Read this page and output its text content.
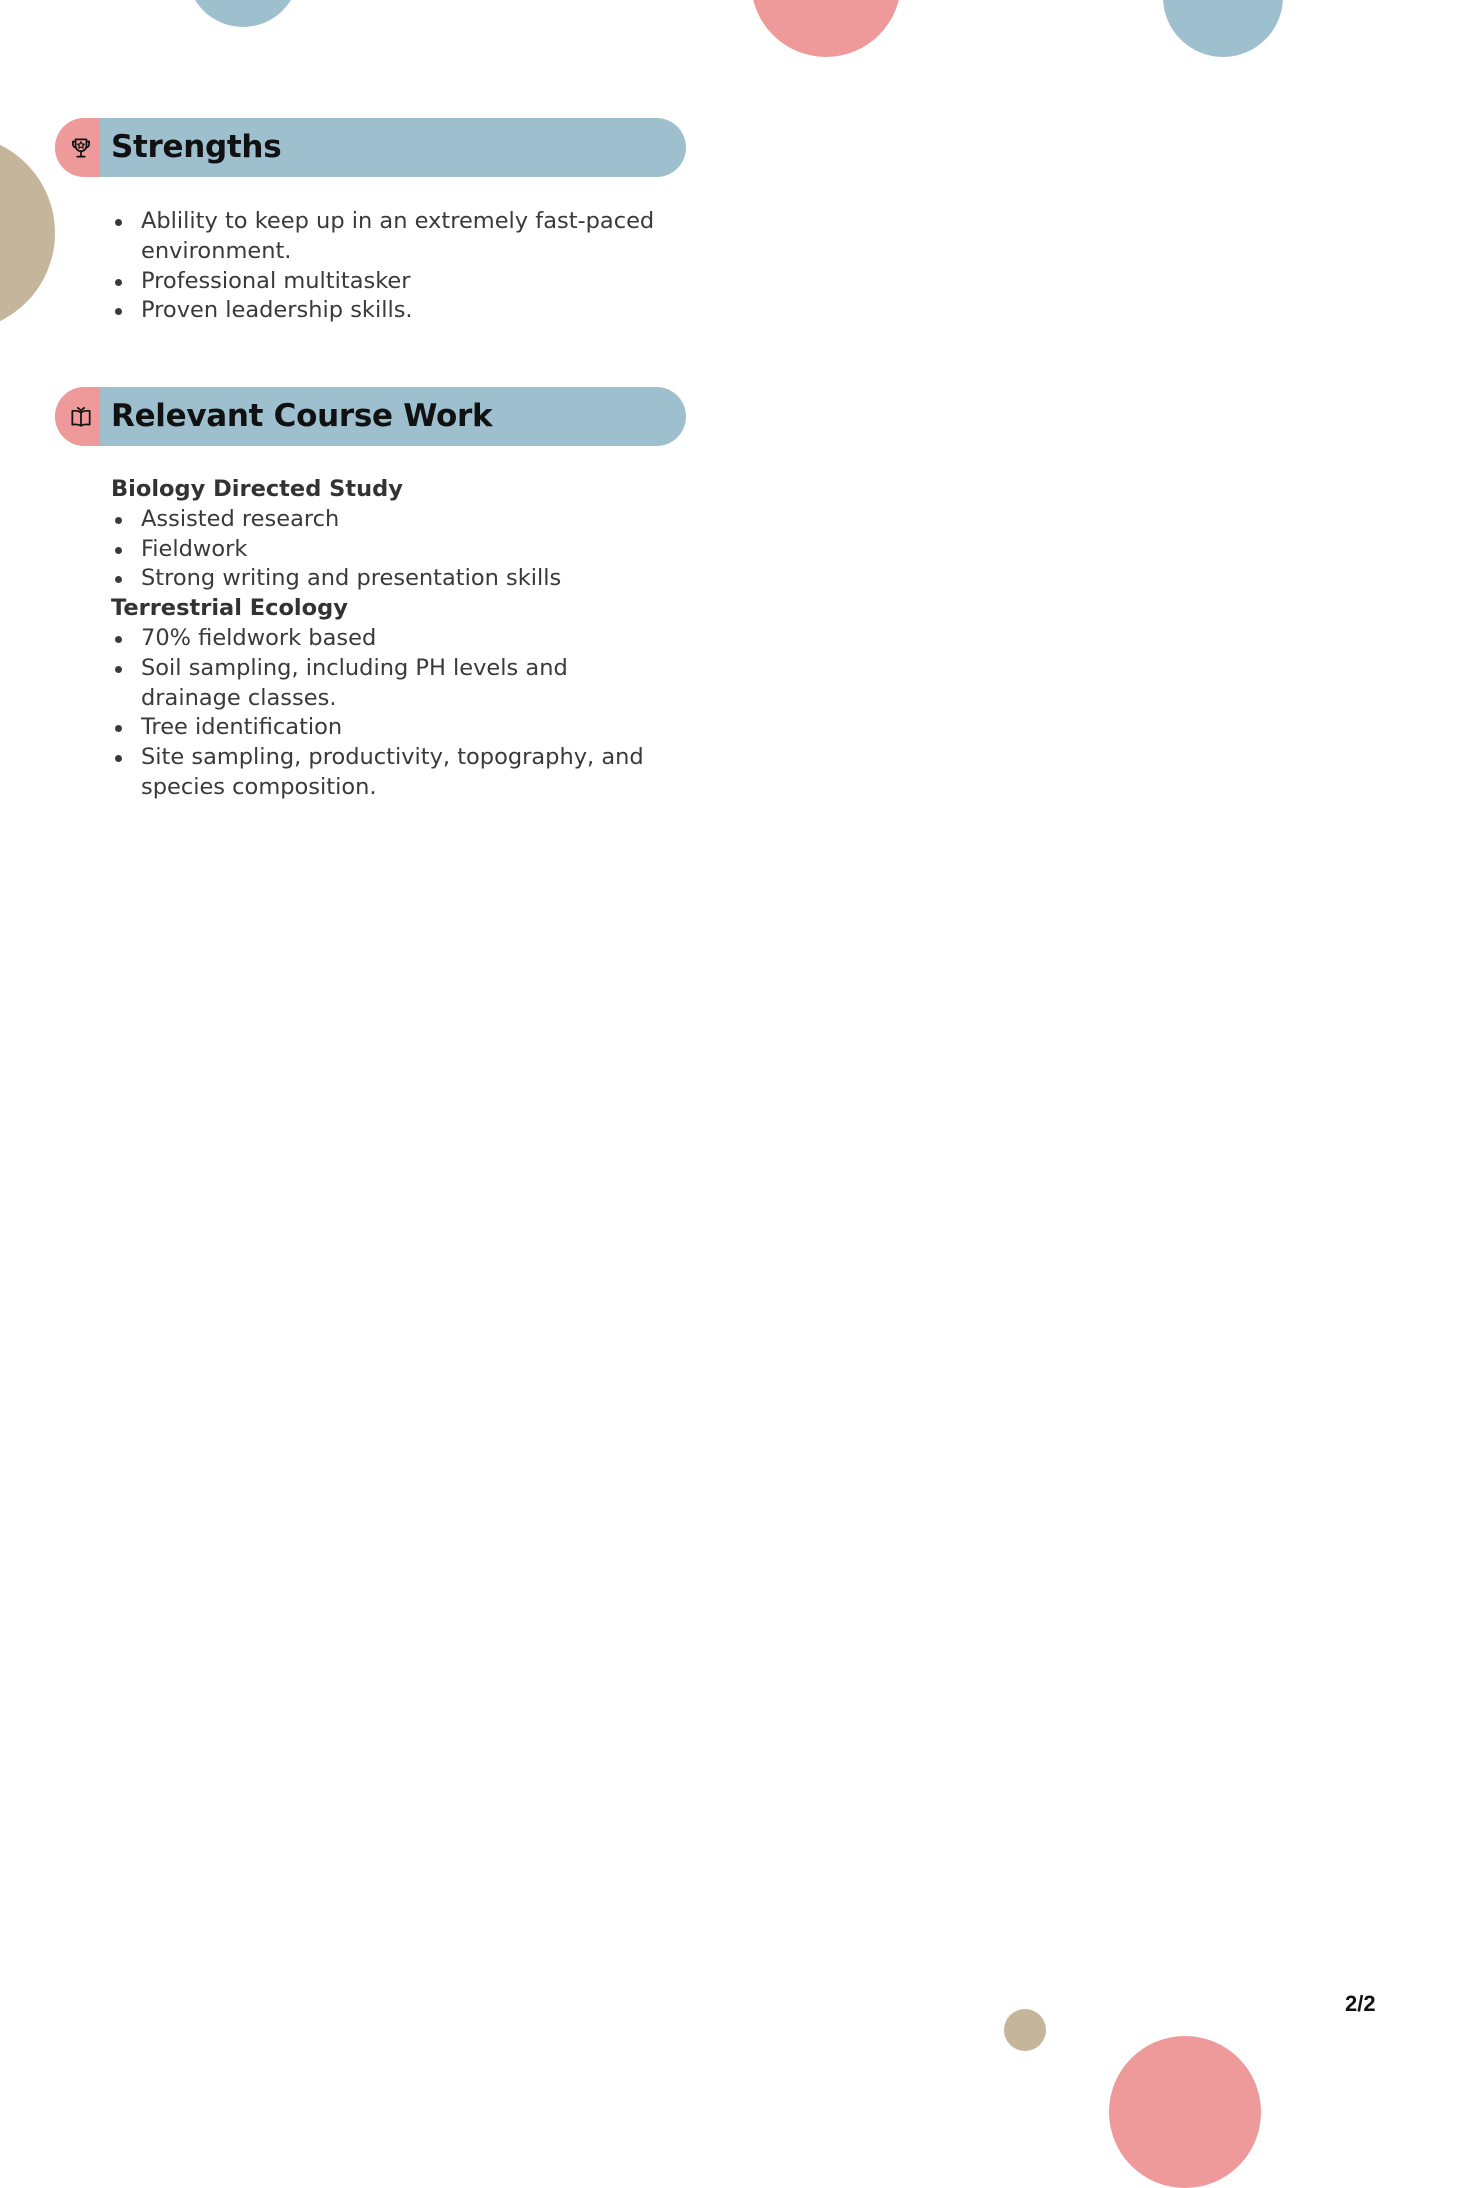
Strengths
Ablility to keep up in an extremely fast-paced environment.
Professional multitasker
Proven leadership skills.
Relevant Course Work
Biology Directed Study
Assisted research
Fieldwork
Strong writing and presentation skills
Terrestrial Ecology
70% fieldwork based
Soil sampling, including PH levels and drainage classes.
Tree identification
Site sampling, productivity, topography, and species composition.
2/2
